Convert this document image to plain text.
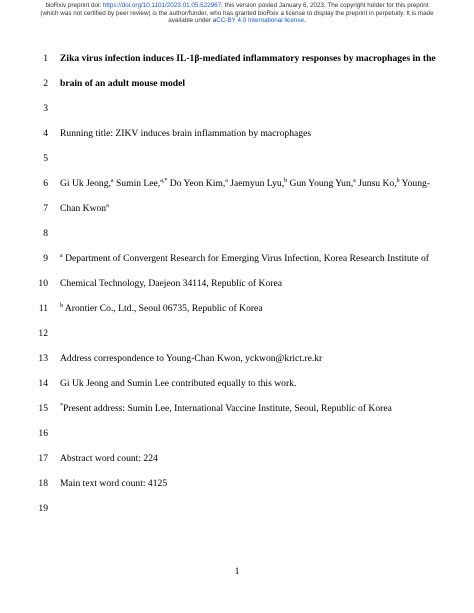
bioRxiv preprint doi: https://doi.org/10.1101/2023.01.05.522967; this version posted January 6, 2023. The copyright holder for this preprint
(which was not certified by peer review) is the author/funder, who has granted bioRxiv a license to display the preprint in perpetuity. It is made
available under aCC-BY 4.0 International license.
1
2
3
4
5
6
7
8
9
10
11
12
13
14
15
16
17
18
19
Zika virus infection induces IL-1β-mediated inflammatory responses by macrophages in the
brain of an adult mouse model
Running title: ZIKV induces brain inflammation by macrophages
Gi Uk Jeong,$^a$ Sumin Lee,$^{a,*}$ Do Yeon Kim,$^a$ Jaemyun Lyu,$^b$ Gun Young Yun,$^a$ Junsu Ko,$^b$ Young-
Chan Kwon$^a$
$^a$ Department of Convergent Research for Emerging Virus Infection, Korea Research Institute of
Chemical Technology, Daejeon 34114, Republic of Korea
$^b$ Arontier Co., Ltd., Seoul 06735, Republic of Korea
Address correspondence to Young-Chan Kwon, yckwon@krict.re.kr
Gi Uk Jeong and Sumin Lee contributed equally to this work.
*Present address: Sumin Lee, International Vaccine Institute, Seoul, Republic of Korea
Abstract word count: 224
Main text word count: 4125
1
